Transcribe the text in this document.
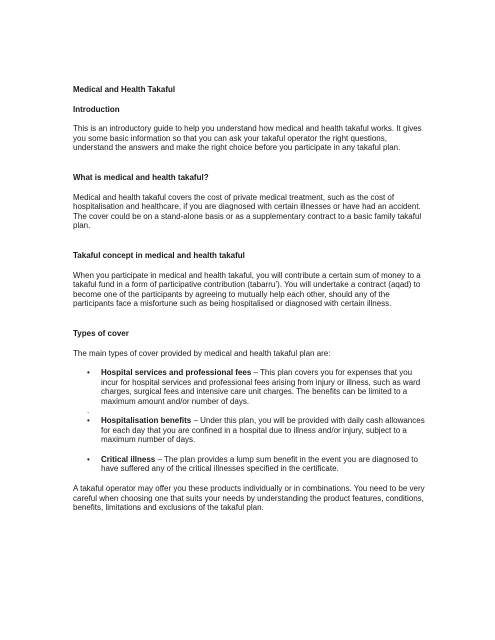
Medical and Health Takaful
Introduction

This is an introductory guide to help you understand how medical and health takaful works. It gives you some basic information so that you can ask your takaful operator the right questions, understand the answers and make the right choice before you participate in any takaful plan.

What is medical and health takaful?

Medical and health takaful covers the cost of private medical treatment, such as the cost of hospitalisation and healthcare, if you are diagnosed with certain illnesses or have had an accident. The cover could be on a stand-alone basis or as a supplementary contract to a basic family takaful plan.

Takaful concept in medical and health takaful

When you participate in medical and health takaful, you will contribute a certain sum of money to a takaful fund in a form of participative contribution (tabarru’). You will undertake a contract (aqad) to become one of the participants by agreeing to mutually help each other, should any of the participants face a misfortune such as being hospitalised or diagnosed with certain illness.

Types of cover

The main types of cover provided by medical and health takaful plan are:

• Hospital services and professional fees – This plan covers you for expenses that you incur for hospital services and professional fees arising from injury or illness, such as ward charges, surgical fees and intensive care unit charges. The benefits can be limited to a maximum amount and/or number of days.
.
• Hospitalisation benefits – Under this plan, you will be provided with daily cash allowances for each day that you are confined in a hospital due to illness and/or injury, subject to a maximum number of days.
• Critical illness – The plan provides a lump sum benefit in the event you are diagnosed to have suffered any of the critical illnesses specified in the certificate.

A takaful operator may offer you these products individually or in combinations. You need to be very careful when choosing one that suits your needs by understanding the product features, conditions, benefits, limitations and exclusions of the takaful plan.
